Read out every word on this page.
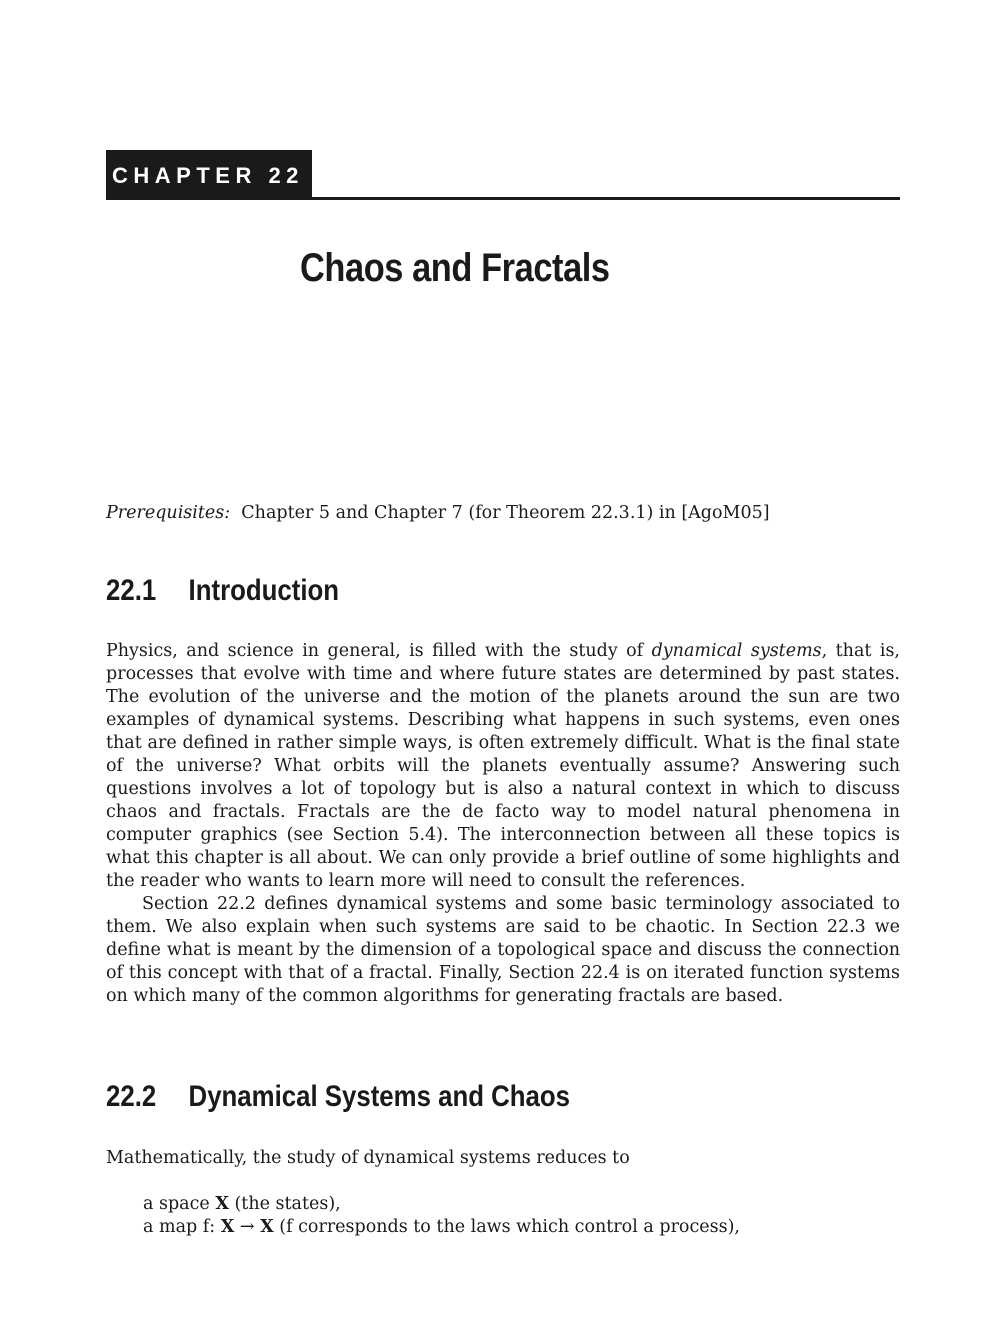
CHAPTER 22
Chaos and Fractals

Prerequisites: Chapter 5 and Chapter 7 (for Theorem 22.3.1) in [AgoM05]

22.1 Introduction

Physics, and science in general, is filled with the study of dynamical systems, that is, processes that evolve with time and where future states are determined by past states. The evolution of the universe and the motion of the planets around the sun are two examples of dynamical systems. Describing what happens in such systems, even ones that are defined in rather simple ways, is often extremely difficult. What is the final state of the universe? What orbits will the planets eventually assume? Answering such questions involves a lot of topology but is also a natural context in which to discuss chaos and fractals. Fractals are the de facto way to model natural phenomena in computer graphics (see Section 5.4). The interconnection between all these topics is what this chapter is all about. We can only provide a brief outline of some highlights and the reader who wants to learn more will need to consult the references.

Section 22.2 defines dynamical systems and some basic terminology associated to them. We also explain when such systems are said to be chaotic. In Section 22.3 we define what is meant by the dimension of a topological space and discuss the connection of this concept with that of a fractal. Finally, Section 22.4 is on iterated function systems on which many of the common algorithms for generating fractals are based.

22.2 Dynamical Systems and Chaos

Mathematically, the study of dynamical systems reduces to

a space X (the states),
a map f: X → X (f corresponds to the laws which control a process),
